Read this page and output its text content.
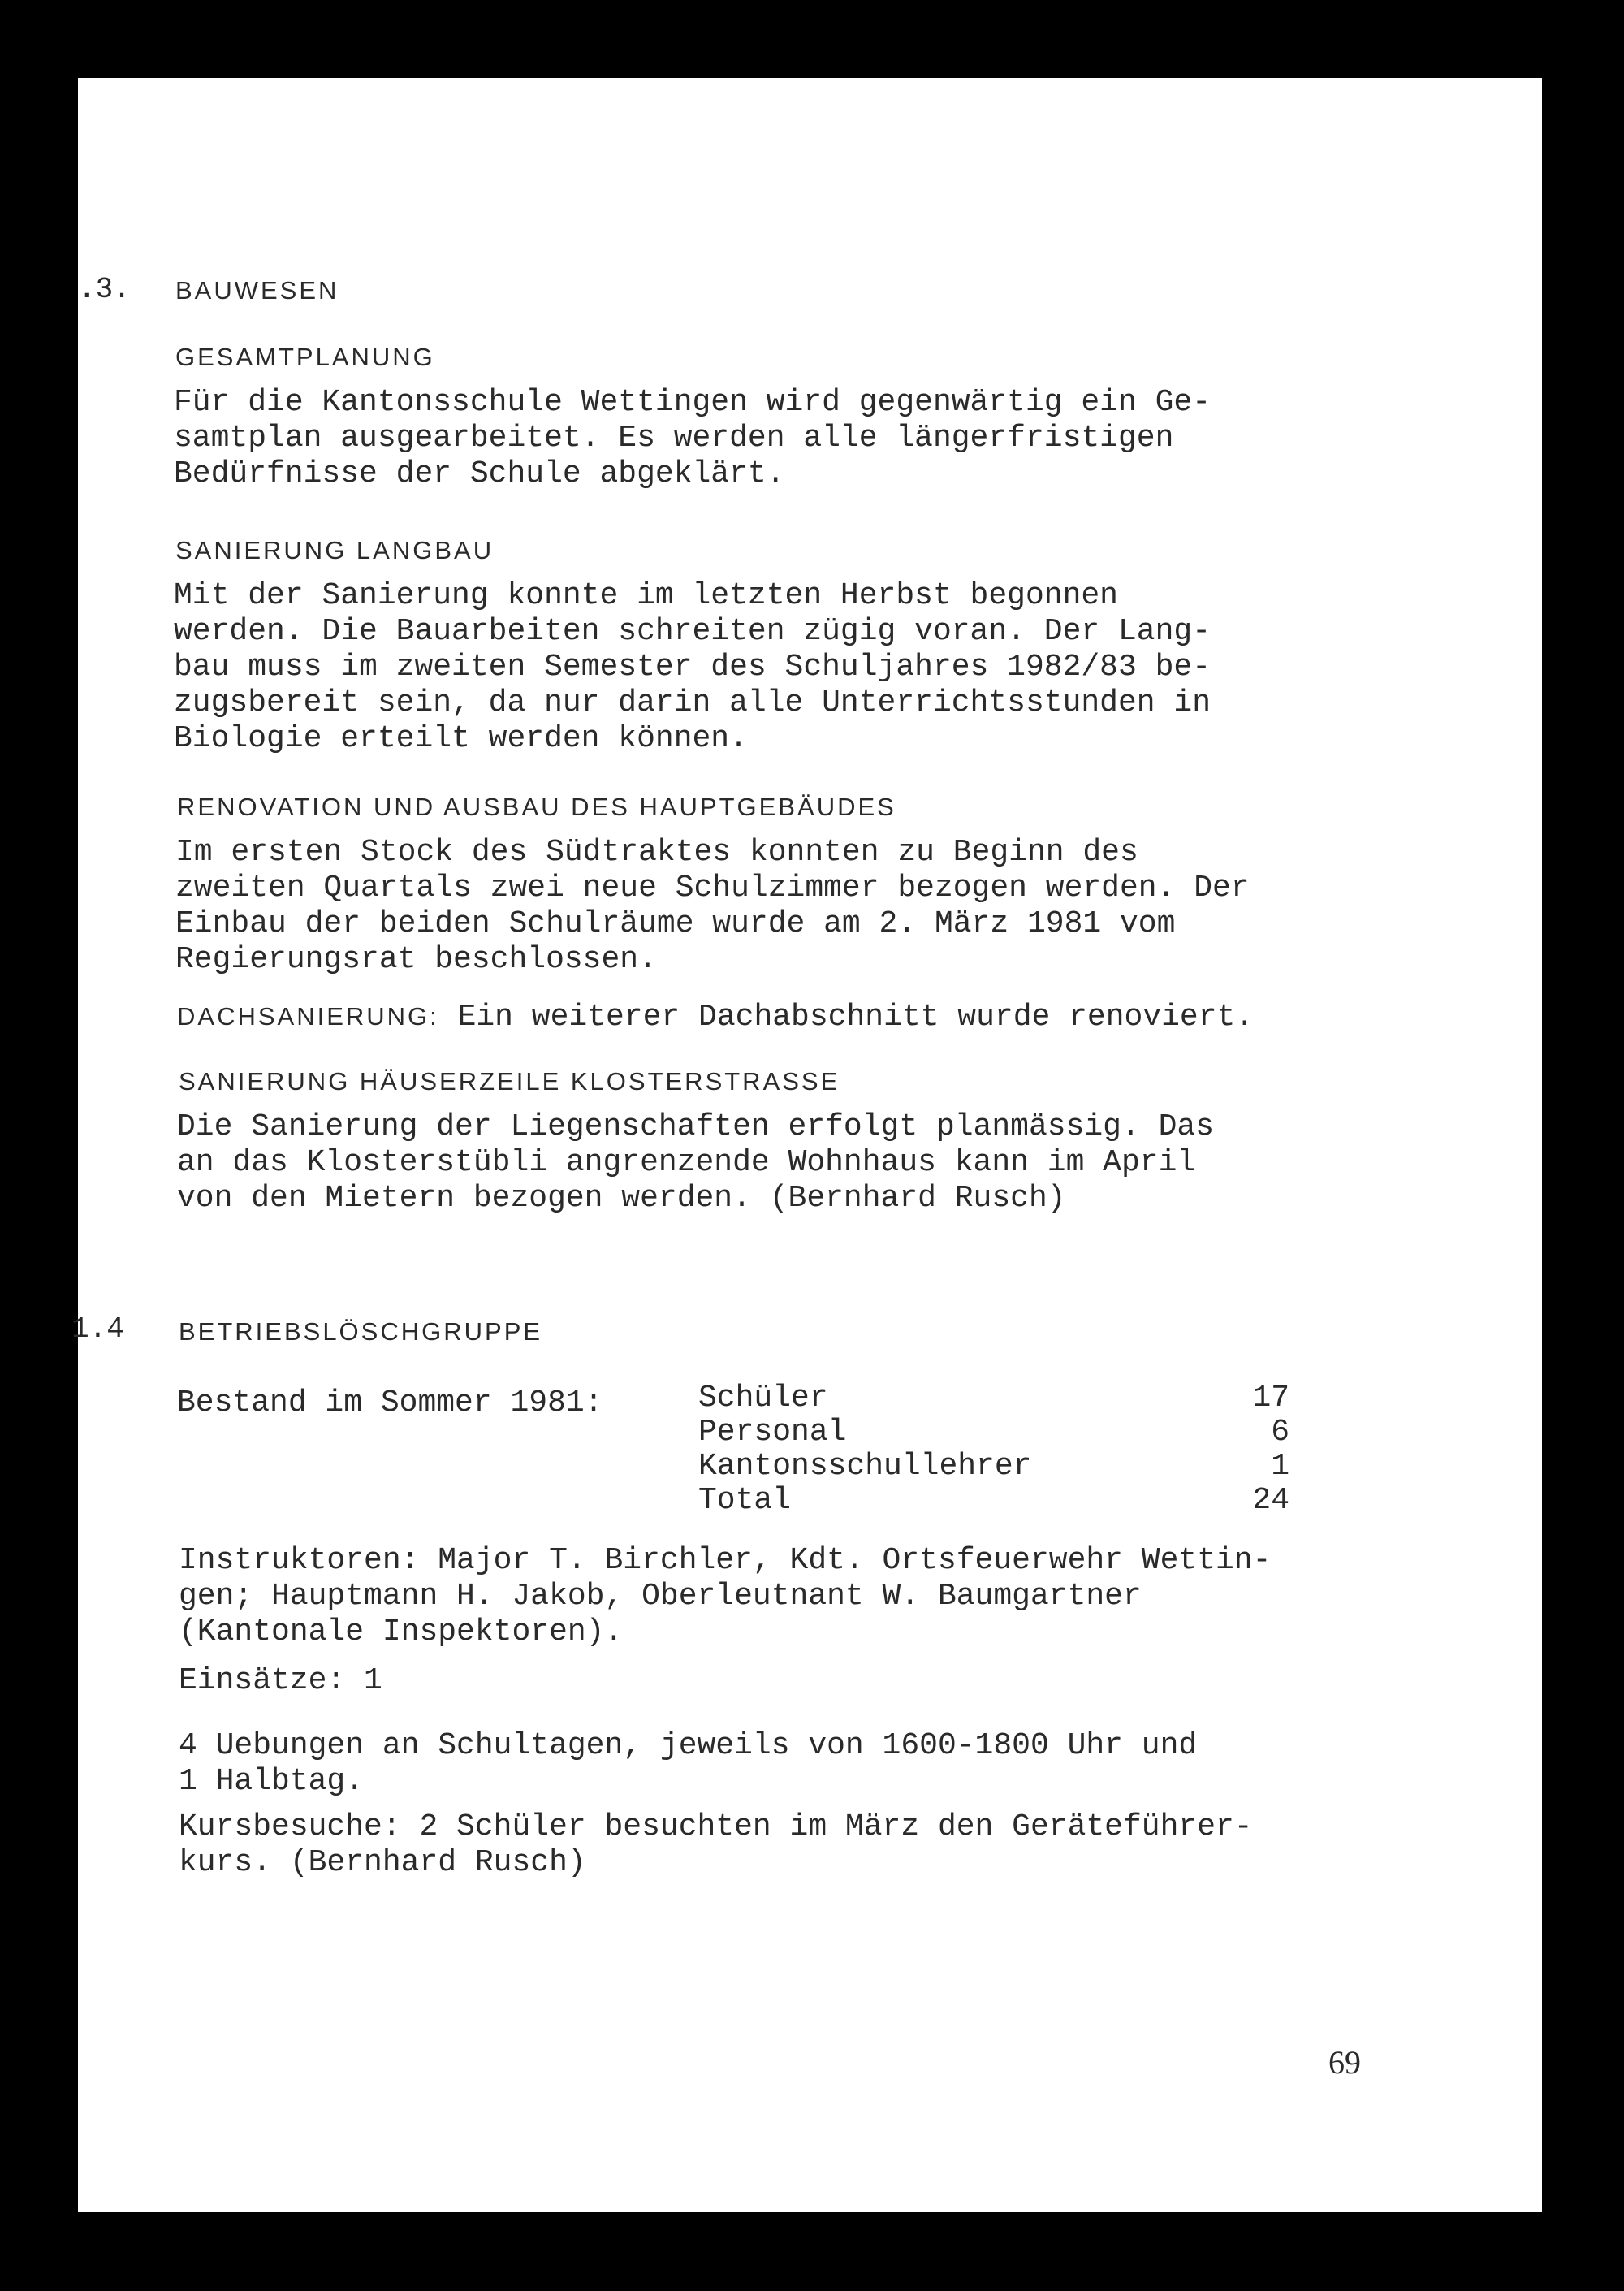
.3. BAUWESEN
GESAMTPLANUNG
Für die Kantonsschule Wettingen wird gegenwärtig ein Ge-
samtplan ausgearbeitet. Es werden alle längerfristigen
Bedürfnisse der Schule abgeklärt.
SANIERUNG LANGBAU
Mit der Sanierung konnte im letzten Herbst begonnen
werden. Die Bauarbeiten schreiten zügig voran. Der Lang-
bau muss im zweiten Semester des Schuljahres 1982/83 be-
zugsbereit sein, da nur darin alle Unterrichtsstunden in
Biologie erteilt werden können.
RENOVATION UND AUSBAU DES HAUPTGEBÄUDES
Im ersten Stock des Südtraktes konnten zu Beginn des
zweiten Quartals zwei neue Schulzimmer bezogen werden. Der
Einbau der beiden Schulräume wurde am 2. März 1981 vom
Regierungsrat beschlossen.
DACHSANIERUNG: Ein weiterer Dachabschnitt wurde renoviert.
SANIERUNG HÄUSERZEILE KLOSTERSTRASSE
Die Sanierung der Liegenschaften erfolgt planmässig. Das
an das Klosterstübli angrenzende Wohnhaus kann im April
von den Mietern bezogen werden. (Bernhard Rusch)
1.4 BETRIEBSLÖSCHGRUPPE
Bestand im Sommer 1981:	Schüler	17
Personal	6
Kantonsschullehrer	1
Total	24
Instruktoren: Major T. Birchler, Kdt. Ortsfeuerwehr Wettin-
gen; Hauptmann H. Jakob, Oberleutnant W. Baumgartner
(Kantonale Inspektoren).
Einsätze: 1
4 Uebungen an Schultagen, jeweils von 1600-1800 Uhr und
1 Halbtag.
Kursbesuche: 2 Schüler besuchten im März den Geräteführer-
kurs. (Bernhard Rusch)
69
